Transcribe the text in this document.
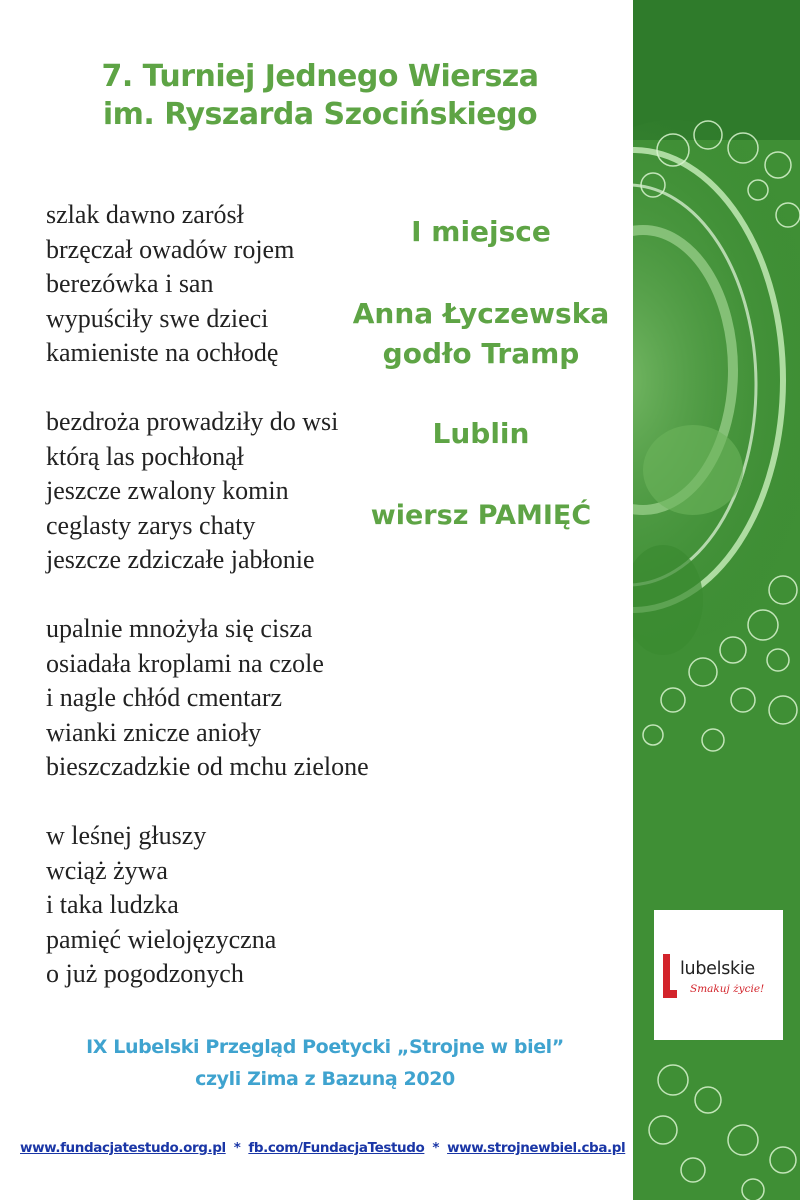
7. Turniej Jednego Wiersza
im. Ryszarda Szocińskiego
szlak dawno zarósł
brzęczał owadów rojem
berezówka i san
wypuściły swe dzieci
kamieniste na ochłodę
bezdroża prowadziły do wsi
którą las pochłonął
jeszcze zwalony komin
ceglasty zarys chaty
jeszcze zdziczałe jabłonie
upalnie mnożyła się cisza
osiadała kroplami na czole
i nagle chłód cmentarz
wianki znicze anioły
bieszczadzkie od mchu zielone
w leśnej głuszy
wciąż żywa
i taka ludzka
pamięć wielojęzyczna
o już pogodzonych
I miejsce
Anna Łyczewska
godło Tramp
Lublin
wiersz PAMIĘĆ
IX Lubelski Przegląd Poetycki „Strojne w biel”
czyli Zima z Bazuną 2020
www.fundacjatestudo.org.pl * fb.com/FundacjaTestudo * www.strojnewbiel.cba.pl
lubelskie
Smakuj życie!
